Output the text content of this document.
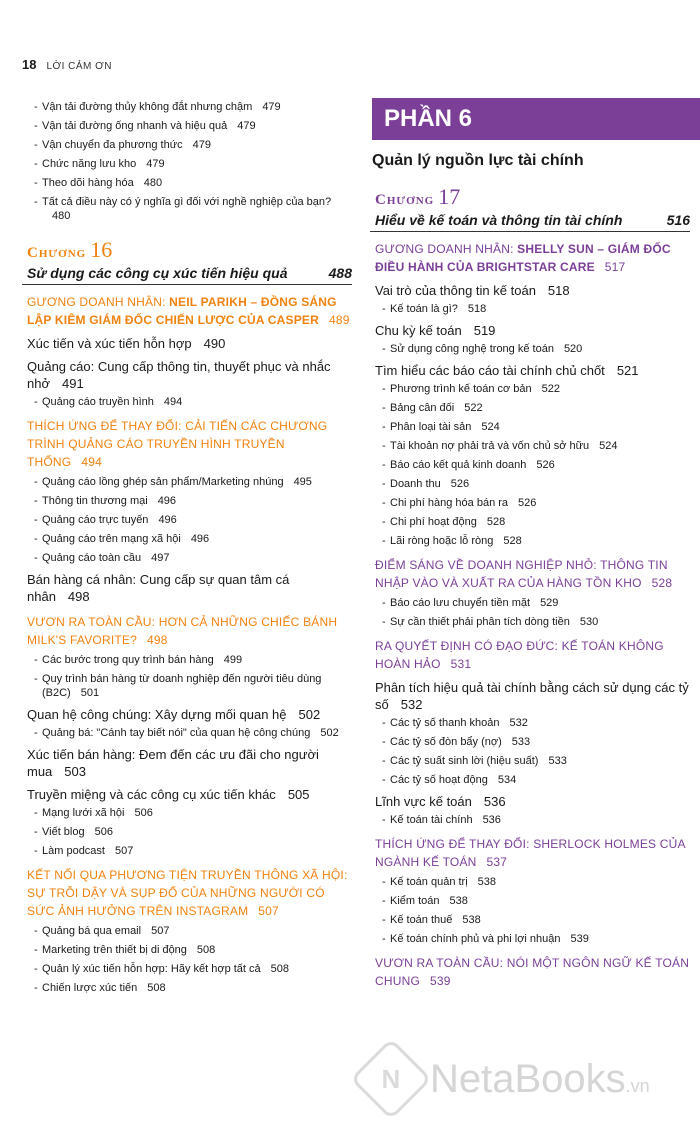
18 LỜI CẢM ƠN
- Vận tải đường thủy không đắt nhưng chậm 479
- Vận tải đường ống nhanh và hiệu quả 479
- Vận chuyển đa phương thức 479
- Chức năng lưu kho 479
- Theo dõi hàng hóa 480
- Tất cả điều này có ý nghĩa gì đối với nghề nghiệp của bạn?480
Chương 16
Sử dụng các công cụ xúc tiến hiệu quả	488
GƯƠNG DOANH NHÂN: NEIL PARIKH – ĐỒNG SÁNG LẬP KIÊM GIÁM ĐỐC CHIẾN LƯỢC CỦA CASPER 489
Xúc tiến và xúc tiến hỗn hợp 490
Quảng cáo: Cung cấp thông tin, thuyết phục và nhắc nhở 491
- Quảng cáo truyền hình 494
THÍCH ỨNG ĐỂ THAY ĐỔI: CẢI TIẾN CÁC CHƯƠNG TRÌNH QUẢNG CÁO TRUYỀN HÌNH TRUYỀN THỐNG 494
- Quảng cáo lồng ghép sản phẩm/Marketing nhúng 495
- Thông tin thương mại 496
- Quảng cáo trực tuyến 496
- Quảng cáo trên mạng xã hội 496
- Quảng cáo toàn cầu 497
Bán hàng cá nhân: Cung cấp sự quan tâm cá nhân 498
VƯƠN RA TOÀN CẦU: HƠN CẢ NHỮNG CHIẾC BÁNH MILK'S FAVORITE? 498
- Các bước trong quy trình bán hàng 499
- Quy trình bán hàng từ doanh nghiệp đến người tiêu dùng (B2C) 501
Quan hệ công chúng: Xây dựng mối quan hệ 502
- Quảng bá: "Cánh tay biết nói" của quan hệ công chúng 502
Xúc tiến bán hàng: Đem đến các ưu đãi cho người mua 503
Truyền miệng và các công cụ xúc tiến khác 505
- Mạng lưới xã hội 506
- Viết blog 506
- Làm podcast 507
KẾT NỐI QUA PHƯƠNG TIỆN TRUYỀN THÔNG XÃ HỘI: SỰ TRỖI DẬY VÀ SỤP ĐỔ CỦA NHỮNG NGƯỜI CÓ SỨC ẢNH HƯỞNG TRÊN INSTAGRAM 507
- Quảng bá qua email 507
- Marketing trên thiết bị di động 508
- Quản lý xúc tiến hỗn hợp: Hãy kết hợp tất cả 508
- Chiến lược xúc tiến 508
PHẦN 6
Quản lý nguồn lực tài chính
Chương 17
Hiểu về kế toán và thông tin tài chính	516
GƯƠNG DOANH NHÂN: SHELLY SUN – GIÁM ĐỐC ĐIỀU HÀNH CỦA BRIGHTSTAR CARE 517
Vai trò của thông tin kế toán 518
- Kế toán là gì? 518
Chu kỳ kế toán 519
- Sử dụng công nghệ trong kế toán 520
Tìm hiểu các báo cáo tài chính chủ chốt 521
- Phương trình kế toán cơ bản 522
- Bảng cân đối 522
- Phân loại tài sản 524
- Tài khoản nợ phải trả và vốn chủ sở hữu 524
- Báo cáo kết quả kinh doanh 526
- Doanh thu 526
- Chi phí hàng hóa bán ra 526
- Chi phí hoạt động 528
- Lãi ròng hoặc lỗ ròng 528
ĐIỂM SÁNG VỀ DOANH NGHIỆP NHỎ: THÔNG TIN NHẬP VÀO VÀ XUẤT RA CỦA HÀNG TỒN KHO 528
- Báo cáo lưu chuyển tiền mặt 529
- Sự cần thiết phải phân tích dòng tiền 530
RA QUYẾT ĐỊNH CÓ ĐẠO ĐỨC: KẾ TOÁN KHÔNG HOÀN HẢO 531
Phân tích hiệu quả tài chính bằng cách sử dụng các tỷ số 532
- Các tỷ số thanh khoản 532
- Các tỷ số đòn bẩy (nợ) 533
- Các tỷ suất sinh lời (hiệu suất) 533
- Các tỷ số hoạt động 534
Lĩnh vực kế toán 536
- Kế toán tài chính 536
THÍCH ỨNG ĐỂ THAY ĐỔI: SHERLOCK HOLMES CỦA NGÀNH KẾ TOÁN 537
- Kế toán quản trị 538
- Kiểm toán 538
- Kế toán thuế 538
- Kế toán chính phủ và phi lợi nhuận 539
VƯƠN RA TOÀN CẦU: NÓI MỘT NGÔN NGỮ KẾ TOÁN CHUNG 539
N NetaBooks.vn
